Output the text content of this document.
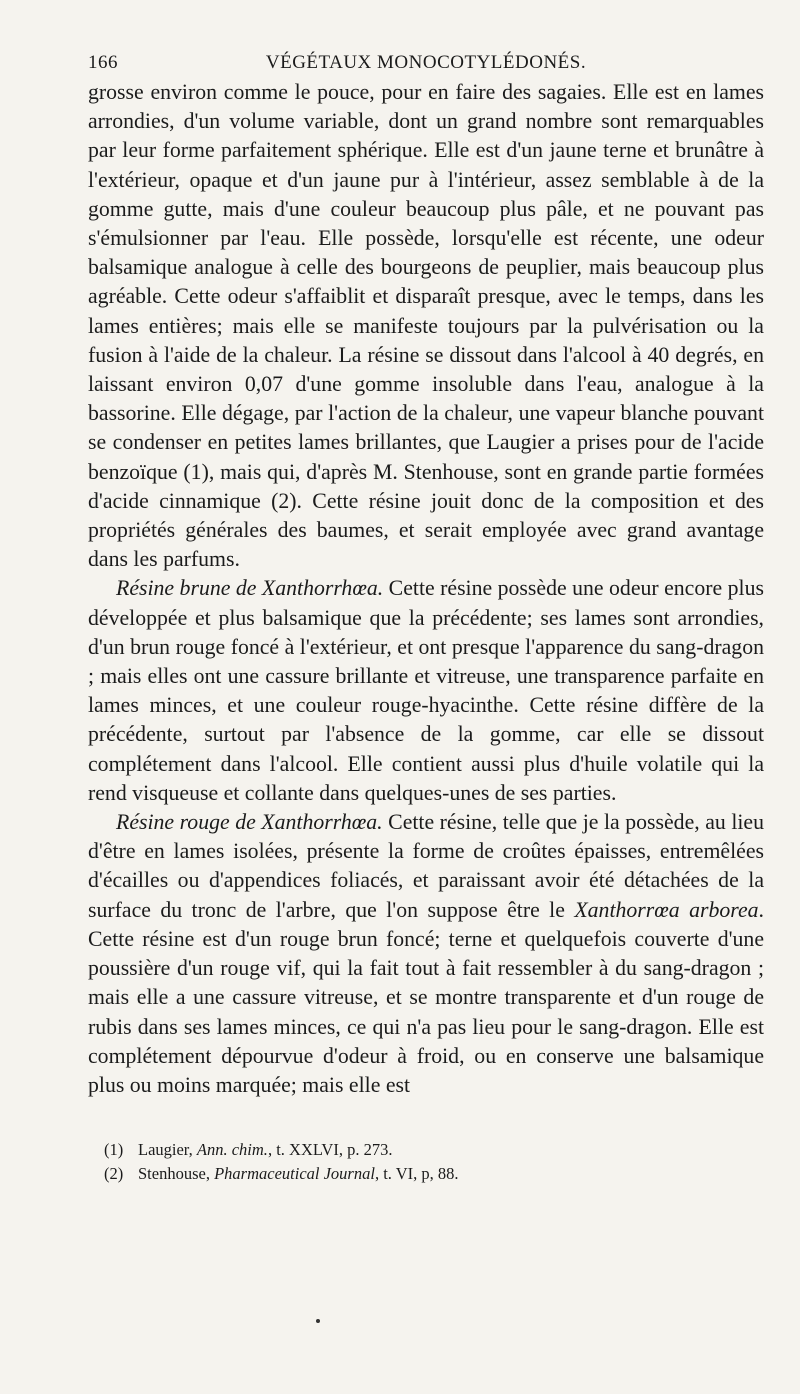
166	VÉGÉTAUX MONOCOTYLÉDONÉS.

grosse environ comme le pouce, pour en faire des sagaies. Elle est en lames arrondies, d'un volume variable, dont un grand nombre sont remarquables par leur forme parfaitement sphérique. Elle est d'un jaune terne et brunâtre à l'extérieur, opaque et d'un jaune pur à l'intérieur, assez semblable à de la gomme gutte, mais d'une couleur beaucoup plus pâle, et ne pouvant pas s'émulsionner par l'eau. Elle possède, lorsqu'elle est récente, une odeur balsamique analogue à celle des bourgeons de peuplier, mais beaucoup plus agréable. Cette odeur s'affaiblit et disparaît presque, avec le temps, dans les lames entières; mais elle se manifeste toujours par la pulvérisation ou la fusion à l'aide de la chaleur. La résine se dissout dans l'alcool à 40 degrés, en laissant environ 0,07 d'une gomme insoluble dans l'eau, analogue à la bassorine. Elle dégage, par l'action de la chaleur, une vapeur blanche pouvant se condenser en petites lames brillantes, que Laugier a prises pour de l'acide benzoïque (1), mais qui, d'après M. Stenhouse, sont en grande partie formées d'acide cinnamique (2). Cette résine jouit donc de la composition et des propriétés générales des baumes, et serait employée avec grand avantage dans les parfums.

Résine brune de Xanthorrhœa. Cette résine possède une odeur encore plus développée et plus balsamique que la précédente; ses lames sont arrondies, d'un brun rouge foncé à l'extérieur, et ont presque l'apparence du sang-dragon ; mais elles ont une cassure brillante et vitreuse, une transparence parfaite en lames minces, et une couleur rouge-hyacinthe. Cette résine diffère de la précédente, surtout par l'absence de la gomme, car elle se dissout complétement dans l'alcool. Elle contient aussi plus d'huile volatile qui la rend visqueuse et collante dans quelques-unes de ses parties.

Résine rouge de Xanthorrhœa. Cette résine, telle que je la possède, au lieu d'être en lames isolées, présente la forme de croûtes épaisses, entremêlées d'écailles ou d'appendices foliacés, et paraissant avoir été détachées de la surface du tronc de l'arbre, que l'on suppose être le Xanthorrœa arborea. Cette résine est d'un rouge brun foncé; terne et quelquefois couverte d'une poussière d'un rouge vif, qui la fait tout à fait ressembler à du sang-dragon ; mais elle a une cassure vitreuse, et se montre transparente et d'un rouge de rubis dans ses lames minces, ce qui n'a pas lieu pour le sang-dragon. Elle est complétement dépourvue d'odeur à froid, ou en conserve une balsamique plus ou moins marquée; mais elle est

(1) Laugier, Ann. chim., t. XXLVI, p. 273.

(2) Stenhouse, Pharmaceutical Journal, t. VI, p, 88.
